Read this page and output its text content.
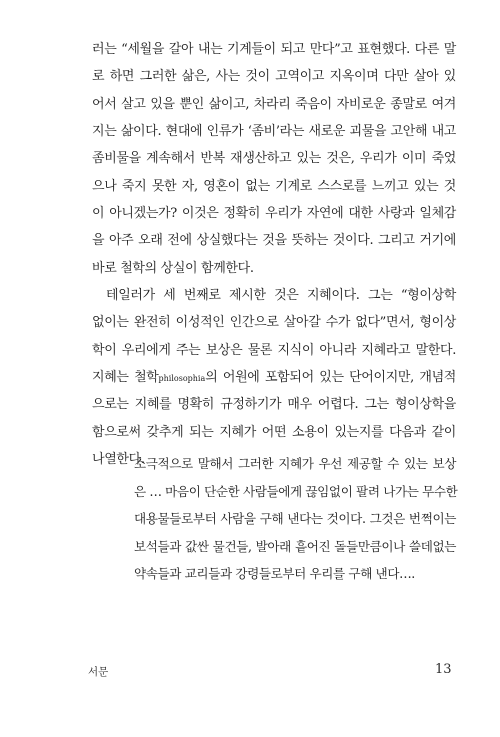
러는 “세월을 갈아 내는 기계들이 되고 만다”고 표현했다. 다른 말
로 하면 그러한 삶은, 사는 것이 고역이고 지옥이며 다만 살아 있
어서 살고 있을 뿐인 삶이고, 차라리 죽음이 자비로운 종말로 여겨
지는 삶이다. 현대에 인류가 ‘좀비’라는 새로운 괴물을 고안해 내고
좀비물을 계속해서 반복 재생산하고 있는 것은, 우리가 이미 죽었
으나 죽지 못한 자, 영혼이 없는 기계로 스스로를 느끼고 있는 것
이 아니겠는가? 이것은 정확히 우리가 자연에 대한 사랑과 일체감
을 아주 오래 전에 상실했다는 것을 뜻하는 것이다. 그리고 거기에
바로 철학의 상실이 함께한다.
테일러가 세 번째로 제시한 것은 지혜이다. 그는 “형이상학
없이는 완전히 이성적인 인간으로 살아갈 수가 없다”면서, 형이상
학이 우리에게 주는 보상은 물론 지식이 아니라 지혜라고 말한다.
지혜는 철학philosophia의 어원에 포함되어 있는 단어이지만, 개념적
으로는 지혜를 명확히 규정하기가 매우 어렵다. 그는 형이상학을
함으로써 갖추게 되는 지혜가 어떤 소용이 있는지를 다음과 같이
나열한다.
소극적으로 말해서 그러한 지혜가 우선 제공할 수 있는 보상
은 … 마음이 단순한 사람들에게 끊임없이 팔려 나가는 무수한
대용물들로부터 사람을 구해 낸다는 것이다. 그것은 번쩍이는
보석들과 값싼 물건들, 발아래 흩어진 돌들만큼이나 쓸데없는
약속들과 교리들과 강령들로부터 우리를 구해 낸다….
서문	13
